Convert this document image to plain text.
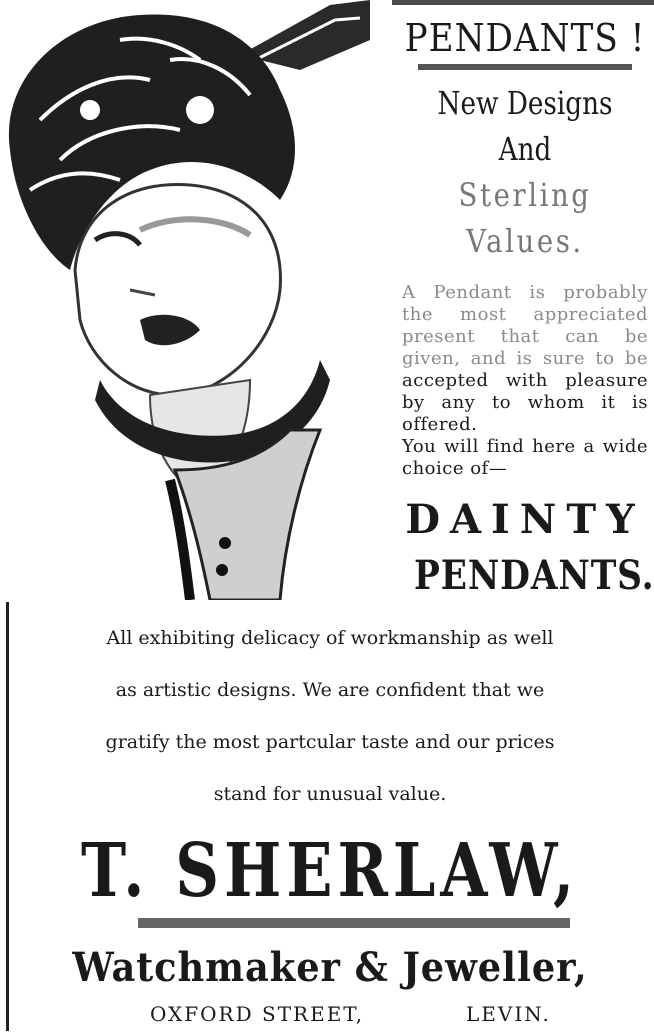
PENDANTS !
New Designs
And
Sterling Values.
A Pendant is probably the most appreciated present that can be given, and is sure to be accepted with pleasure by any to whom it is offered.
You will find here a wide choice of—
DAINTY
PENDANTS.

All exhibiting delicacy of workmanship as well

as artistic designs. We are confident that we

gratify the most partcular taste and our prices

stand for unusual value.

T. SHERLAW,
Watchmaker & Jeweller,
OXFORD STREET,	LEVIN.
